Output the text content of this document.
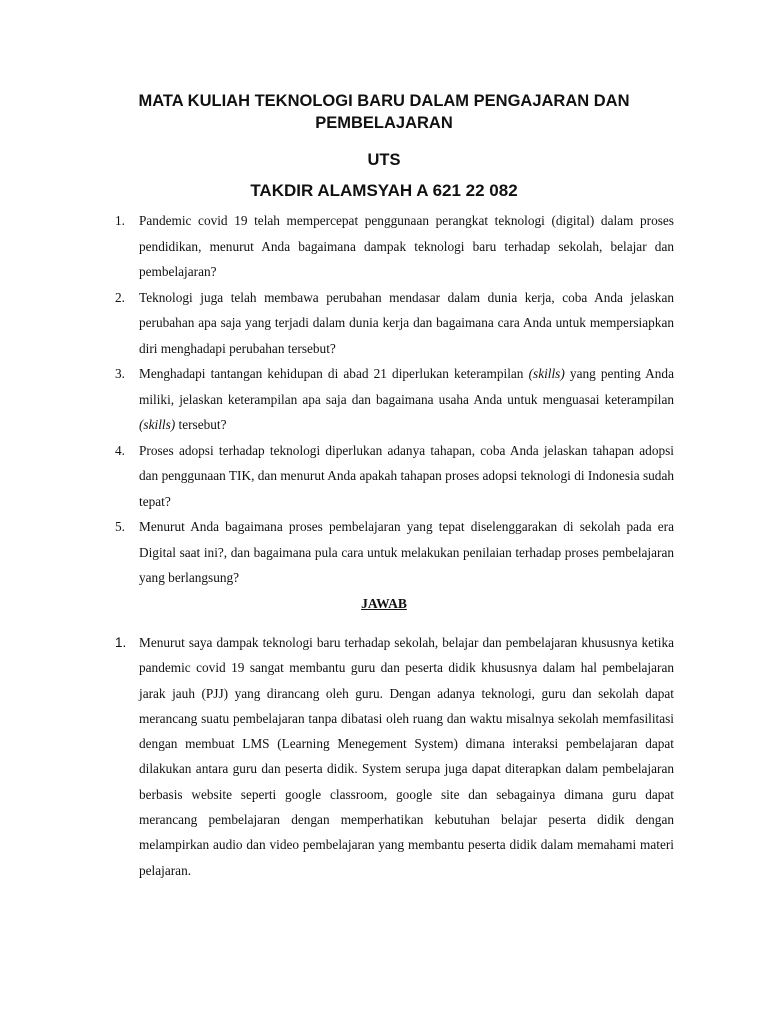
MATA KULIAH TEKNOLOGI BARU DALAM PENGAJARAN DAN PEMBELAJARAN
UTS
TAKDIR ALAMSYAH A 621 22 082
1.	Pandemic covid 19 telah mempercepat penggunaan perangkat teknologi (digital) dalam proses pendidikan, menurut Anda bagaimana dampak teknologi baru terhadap sekolah, belajar dan pembelajaran?
2.	Teknologi juga telah membawa perubahan mendasar dalam dunia kerja, coba Anda jelaskan perubahan apa saja yang terjadi dalam dunia kerja dan bagaimana cara Anda untuk mempersiapkan diri menghadapi perubahan tersebut?
3.	Menghadapi tantangan kehidupan di abad 21 diperlukan keterampilan (skills) yang penting Anda miliki, jelaskan keterampilan apa saja dan bagaimana usaha Anda untuk menguasai keterampilan (skills) tersebut?
4.	Proses adopsi terhadap teknologi diperlukan adanya tahapan, coba Anda jelaskan tahapan adopsi dan penggunaan TIK, dan menurut Anda apakah tahapan proses adopsi teknologi di Indonesia sudah tepat?
5.	Menurut Anda bagaimana proses pembelajaran yang tepat diselenggarakan di sekolah pada era Digital saat ini?, dan bagaimana pula cara untuk melakukan penilaian terhadap proses pembelajaran yang berlangsung?
JAWAB
1. Menurut saya dampak teknologi baru terhadap sekolah, belajar dan pembelajaran khususnya ketika pandemic covid 19 sangat membantu guru dan peserta didik khususnya dalam hal pembelajaran jarak jauh (PJJ) yang dirancang oleh guru. Dengan adanya teknologi, guru dan sekolah dapat merancang suatu pembelajaran tanpa dibatasi oleh ruang dan waktu misalnya sekolah memfasilitasi dengan membuat LMS (Learning Menegement System) dimana interaksi pembelajaran dapat dilakukan antara guru dan peserta didik. System serupa juga dapat diterapkan dalam pembelajaran berbasis website seperti google classroom, google site dan sebagainya dimana guru dapat merancang pembelajaran dengan memperhatikan kebutuhan belajar peserta didik dengan melampirkan audio dan video pembelajaran yang membantu peserta didik dalam memahami materi pelajaran.
